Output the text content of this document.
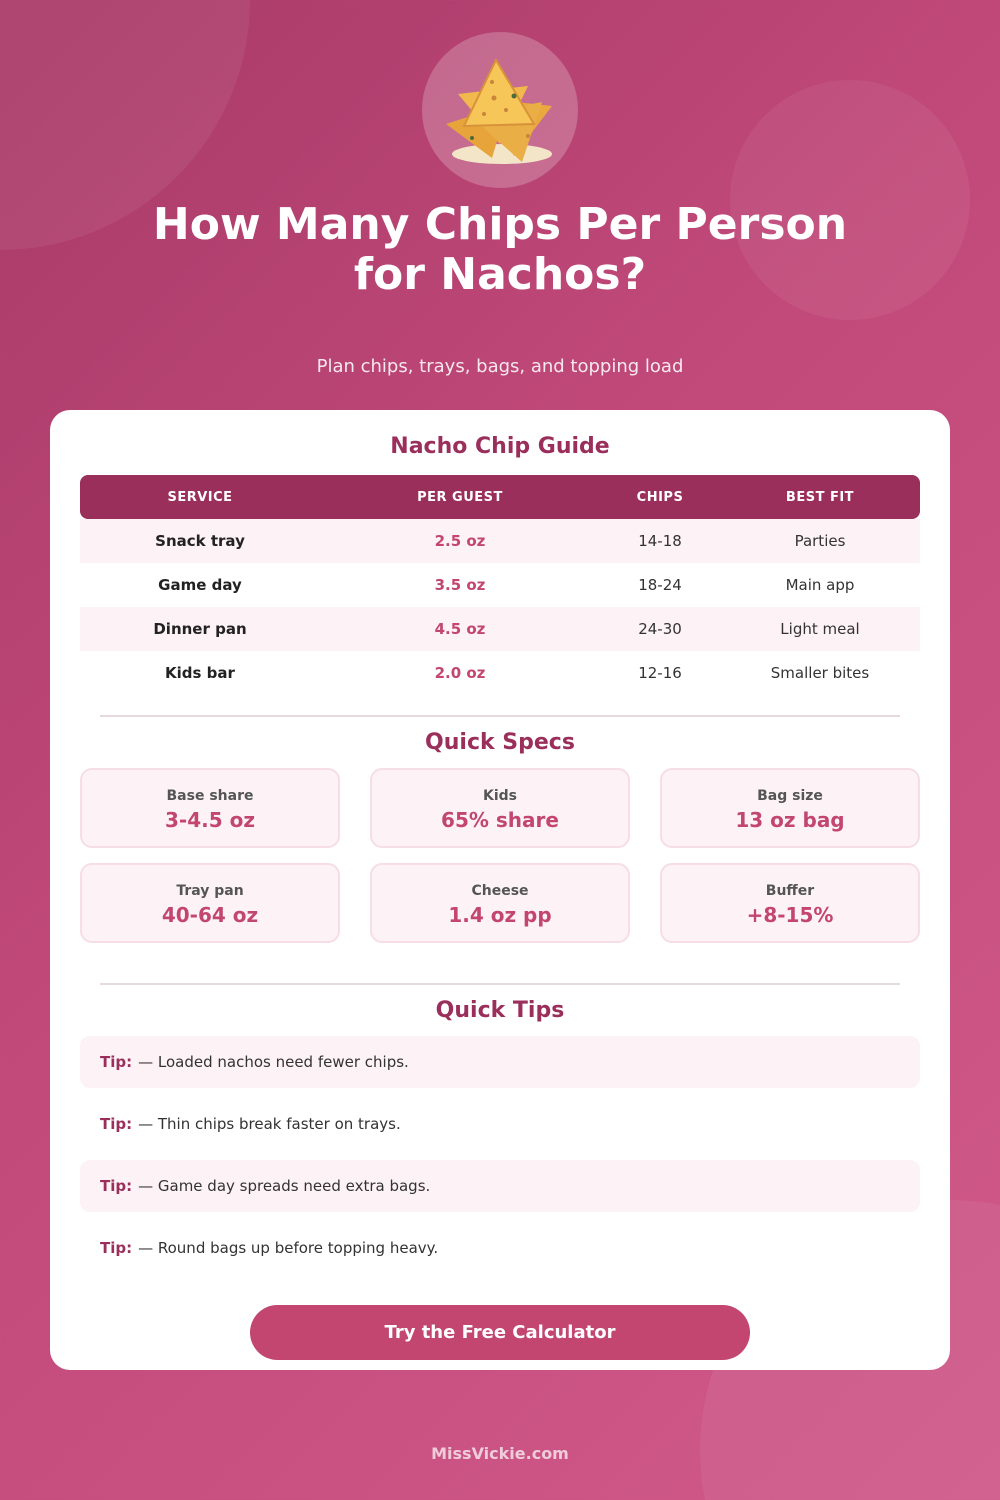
How Many Chips Per Person
for Nachos?
Plan chips, trays, bags, and topping load
Nacho Chip Guide
SERVICE	PER GUEST	CHIPS	BEST FIT
Snack tray	2.5 oz	14-18	Parties
Game day	3.5 oz	18-24	Main app
Dinner pan	4.5 oz	24-30	Light meal
Kids bar	2.0 oz	12-16	Smaller bites
Quick Specs
Base share
3-4.5 oz
Kids
65% share
Bag size
13 oz bag
Tray pan
40-64 oz
Cheese
1.4 oz pp
Buffer
+8-15%
Quick Tips
Tip: — Loaded nachos need fewer chips.
Tip: — Thin chips break faster on trays.
Tip: — Game day spreads need extra bags.
Tip: — Round bags up before topping heavy.
Try the Free Calculator
MissVickie.com
